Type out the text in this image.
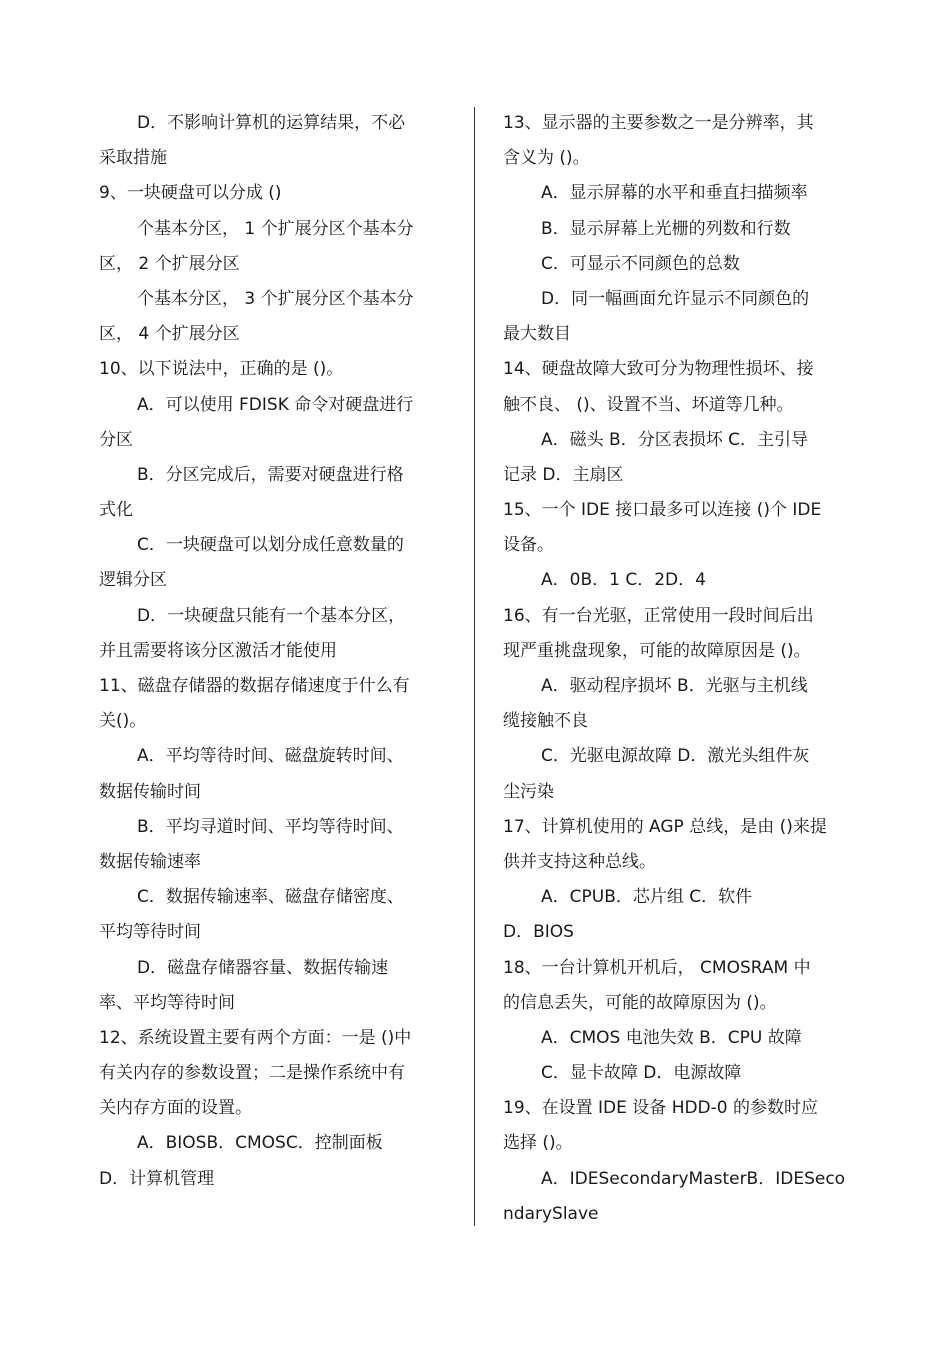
D．不影响计算机的运算结果，不必
采取措施
9、一块硬盘可以分成 ()
个基本分区， 1 个扩展分区个基本分
区， 2 个扩展分区
个基本分区， 3 个扩展分区个基本分
区， 4 个扩展分区
10、以下说法中，正确的是 ()。
A．可以使用 FDISK 命令对硬盘进行
分区
B．分区完成后，需要对硬盘进行格
式化
C．一块硬盘可以划分成任意数量的
逻辑分区
D．一块硬盘只能有一个基本分区，
并且需要将该分区激活才能使用
11、磁盘存储器的数据存储速度于什么有
关()。
A．平均等待时间、磁盘旋转时间、
数据传输时间
B．平均寻道时间、平均等待时间、
数据传输速率
C．数据传输速率、磁盘存储密度、
平均等待时间
D．磁盘存储器容量、数据传输速
率、平均等待时间
12、系统设置主要有两个方面：一是 ()中
有关内存的参数设置；二是操作系统中有
关内存方面的设置。
A．BIOSB．CMOSC．控制面板
D．计算机管理
13、显示器的主要参数之一是分辨率，其
含义为 ()。
A．显示屏幕的水平和垂直扫描频率
B．显示屏幕上光栅的列数和行数
C．可显示不同颜色的总数
D．同一幅画面允许显示不同颜色的
最大数目
14、硬盘故障大致可分为物理性损坏、接
触不良、 ()、设置不当、坏道等几种。
A．磁头 B．分区表损坏 C．主引导
记录 D．主扇区
15、一个 IDE 接口最多可以连接 ()个 IDE
设备。
A．0B．1 C．2D．4
16、有一台光驱，正常使用一段时间后出
现严重挑盘现象，可能的故障原因是 ()。
A．驱动程序损坏 B．光驱与主机线
缆接触不良
C．光驱电源故障 D．激光头组件灰
尘污染
17、计算机使用的 AGP 总线，是由 ()来提
供并支持这种总线。
A．CPUB．芯片组 C．软件
D．BIOS
18、一台计算机开机后， CMOSRAM 中
的信息丢失，可能的故障原因为 ()。
A．CMOS 电池失效 B．CPU 故障
C．显卡故障 D．电源故障
19、在设置 IDE 设备 HDD-0 的参数时应
选择 ()。
A．IDESecondaryMasterB．IDESeco
ndarySlave
